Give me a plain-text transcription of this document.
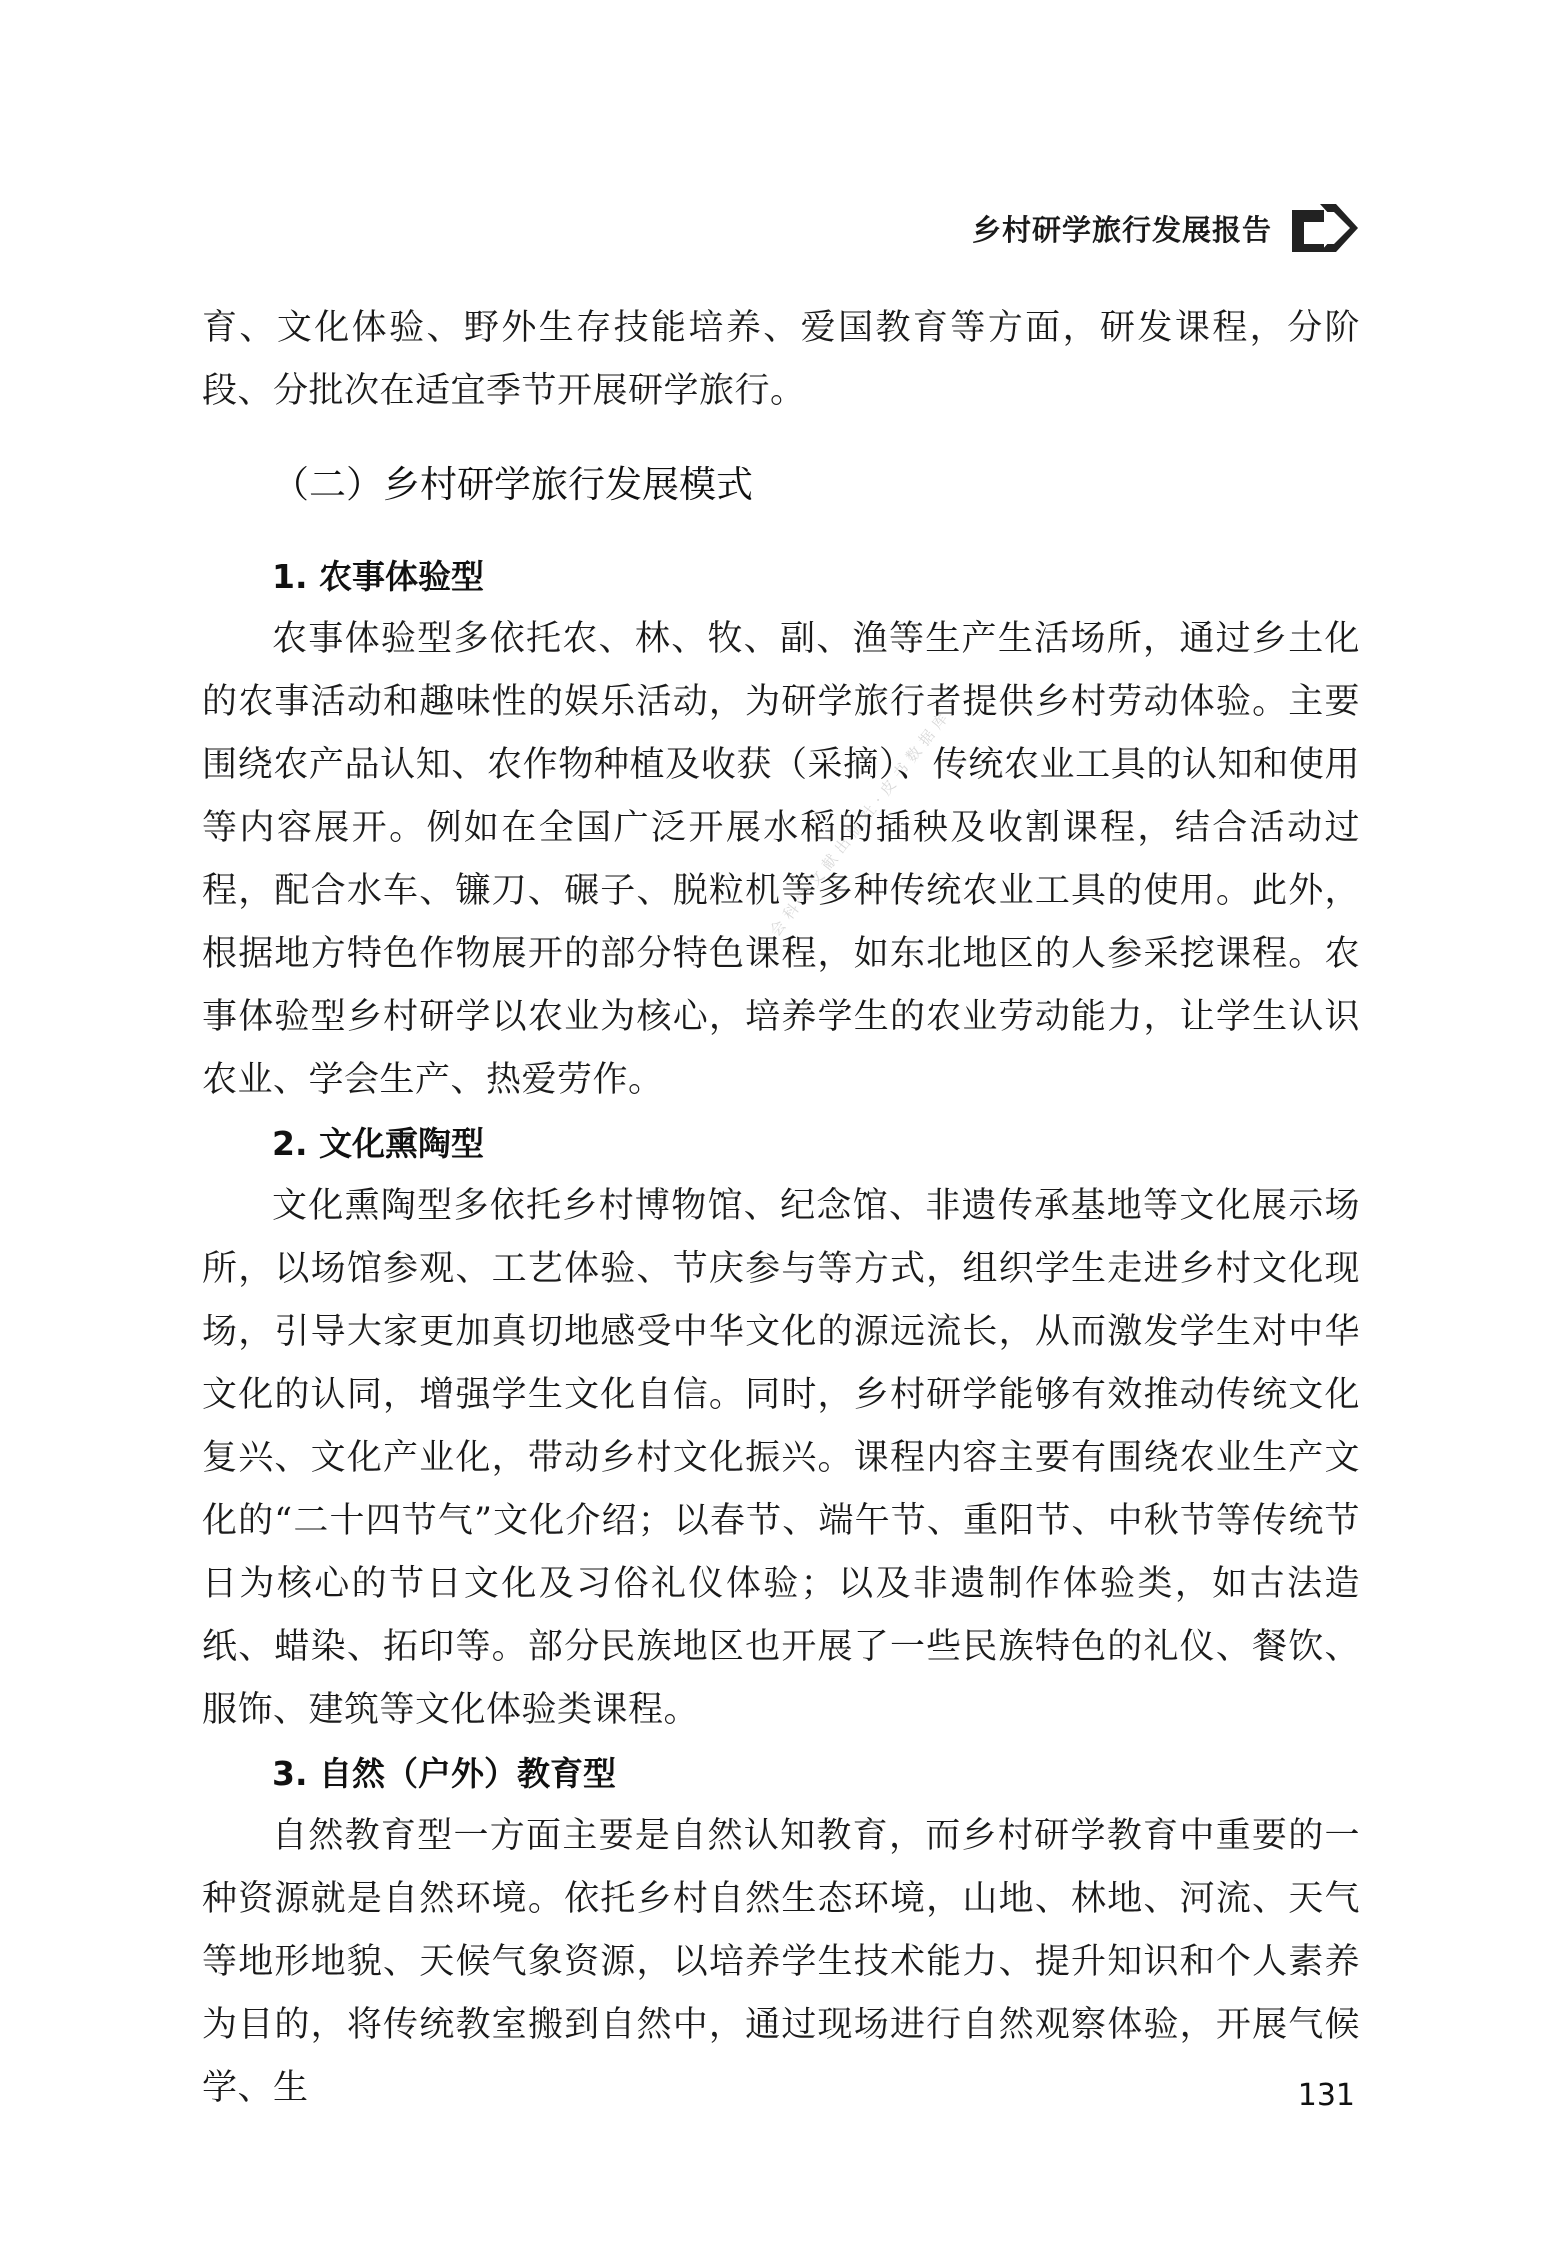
乡村研学旅行发展报告
社会科学文献出版社·皮书数据库

育、文化体验、野外生存技能培养、爱国教育等方面，研发课程，分阶段、分批次在适宜季节开展研学旅行。

（二）乡村研学旅行发展模式
1. 农事体验型

农事体验型多依托农、林、牧、副、渔等生产生活场所，通过乡土化的农事活动和趣味性的娱乐活动，为研学旅行者提供乡村劳动体验。主要围绕农产品认知、农作物种植及收获（采摘）、传统农业工具的认知和使用等内容展开。例如在全国广泛开展水稻的插秧及收割课程，结合活动过程，配合水车、镰刀、碾子、脱粒机等多种传统农业工具的使用。此外，根据地方特色作物展开的部分特色课程，如东北地区的人参采挖课程。农事体验型乡村研学以农业为核心，培养学生的农业劳动能力，让学生认识农业、学会生产、热爱劳作。

2. 文化熏陶型

文化熏陶型多依托乡村博物馆、纪念馆、非遗传承基地等文化展示场所，以场馆参观、工艺体验、节庆参与等方式，组织学生走进乡村文化现场，引导大家更加真切地感受中华文化的源远流长，从而激发学生对中华文化的认同，增强学生文化自信。同时，乡村研学能够有效推动传统文化复兴、文化产业化，带动乡村文化振兴。课程内容主要有围绕农业生产文化的“二十四节气”文化介绍；以春节、端午节、重阳节、中秋节等传统节日为核心的节日文化及习俗礼仪体验；以及非遗制作体验类，如古法造纸、蜡染、拓印等。部分民族地区也开展了一些民族特色的礼仪、餐饮、服饰、建筑等文化体验类课程。

3. 自然（户外）教育型

自然教育型一方面主要是自然认知教育，而乡村研学教育中重要的一种资源就是自然环境。依托乡村自然生态环境，山地、林地、河流、天气等地形地貌、天候气象资源，以培养学生技术能力、提升知识和个人素养为目的，将传统教室搬到自然中，通过现场进行自然观察体验，开展气候学、生	131
